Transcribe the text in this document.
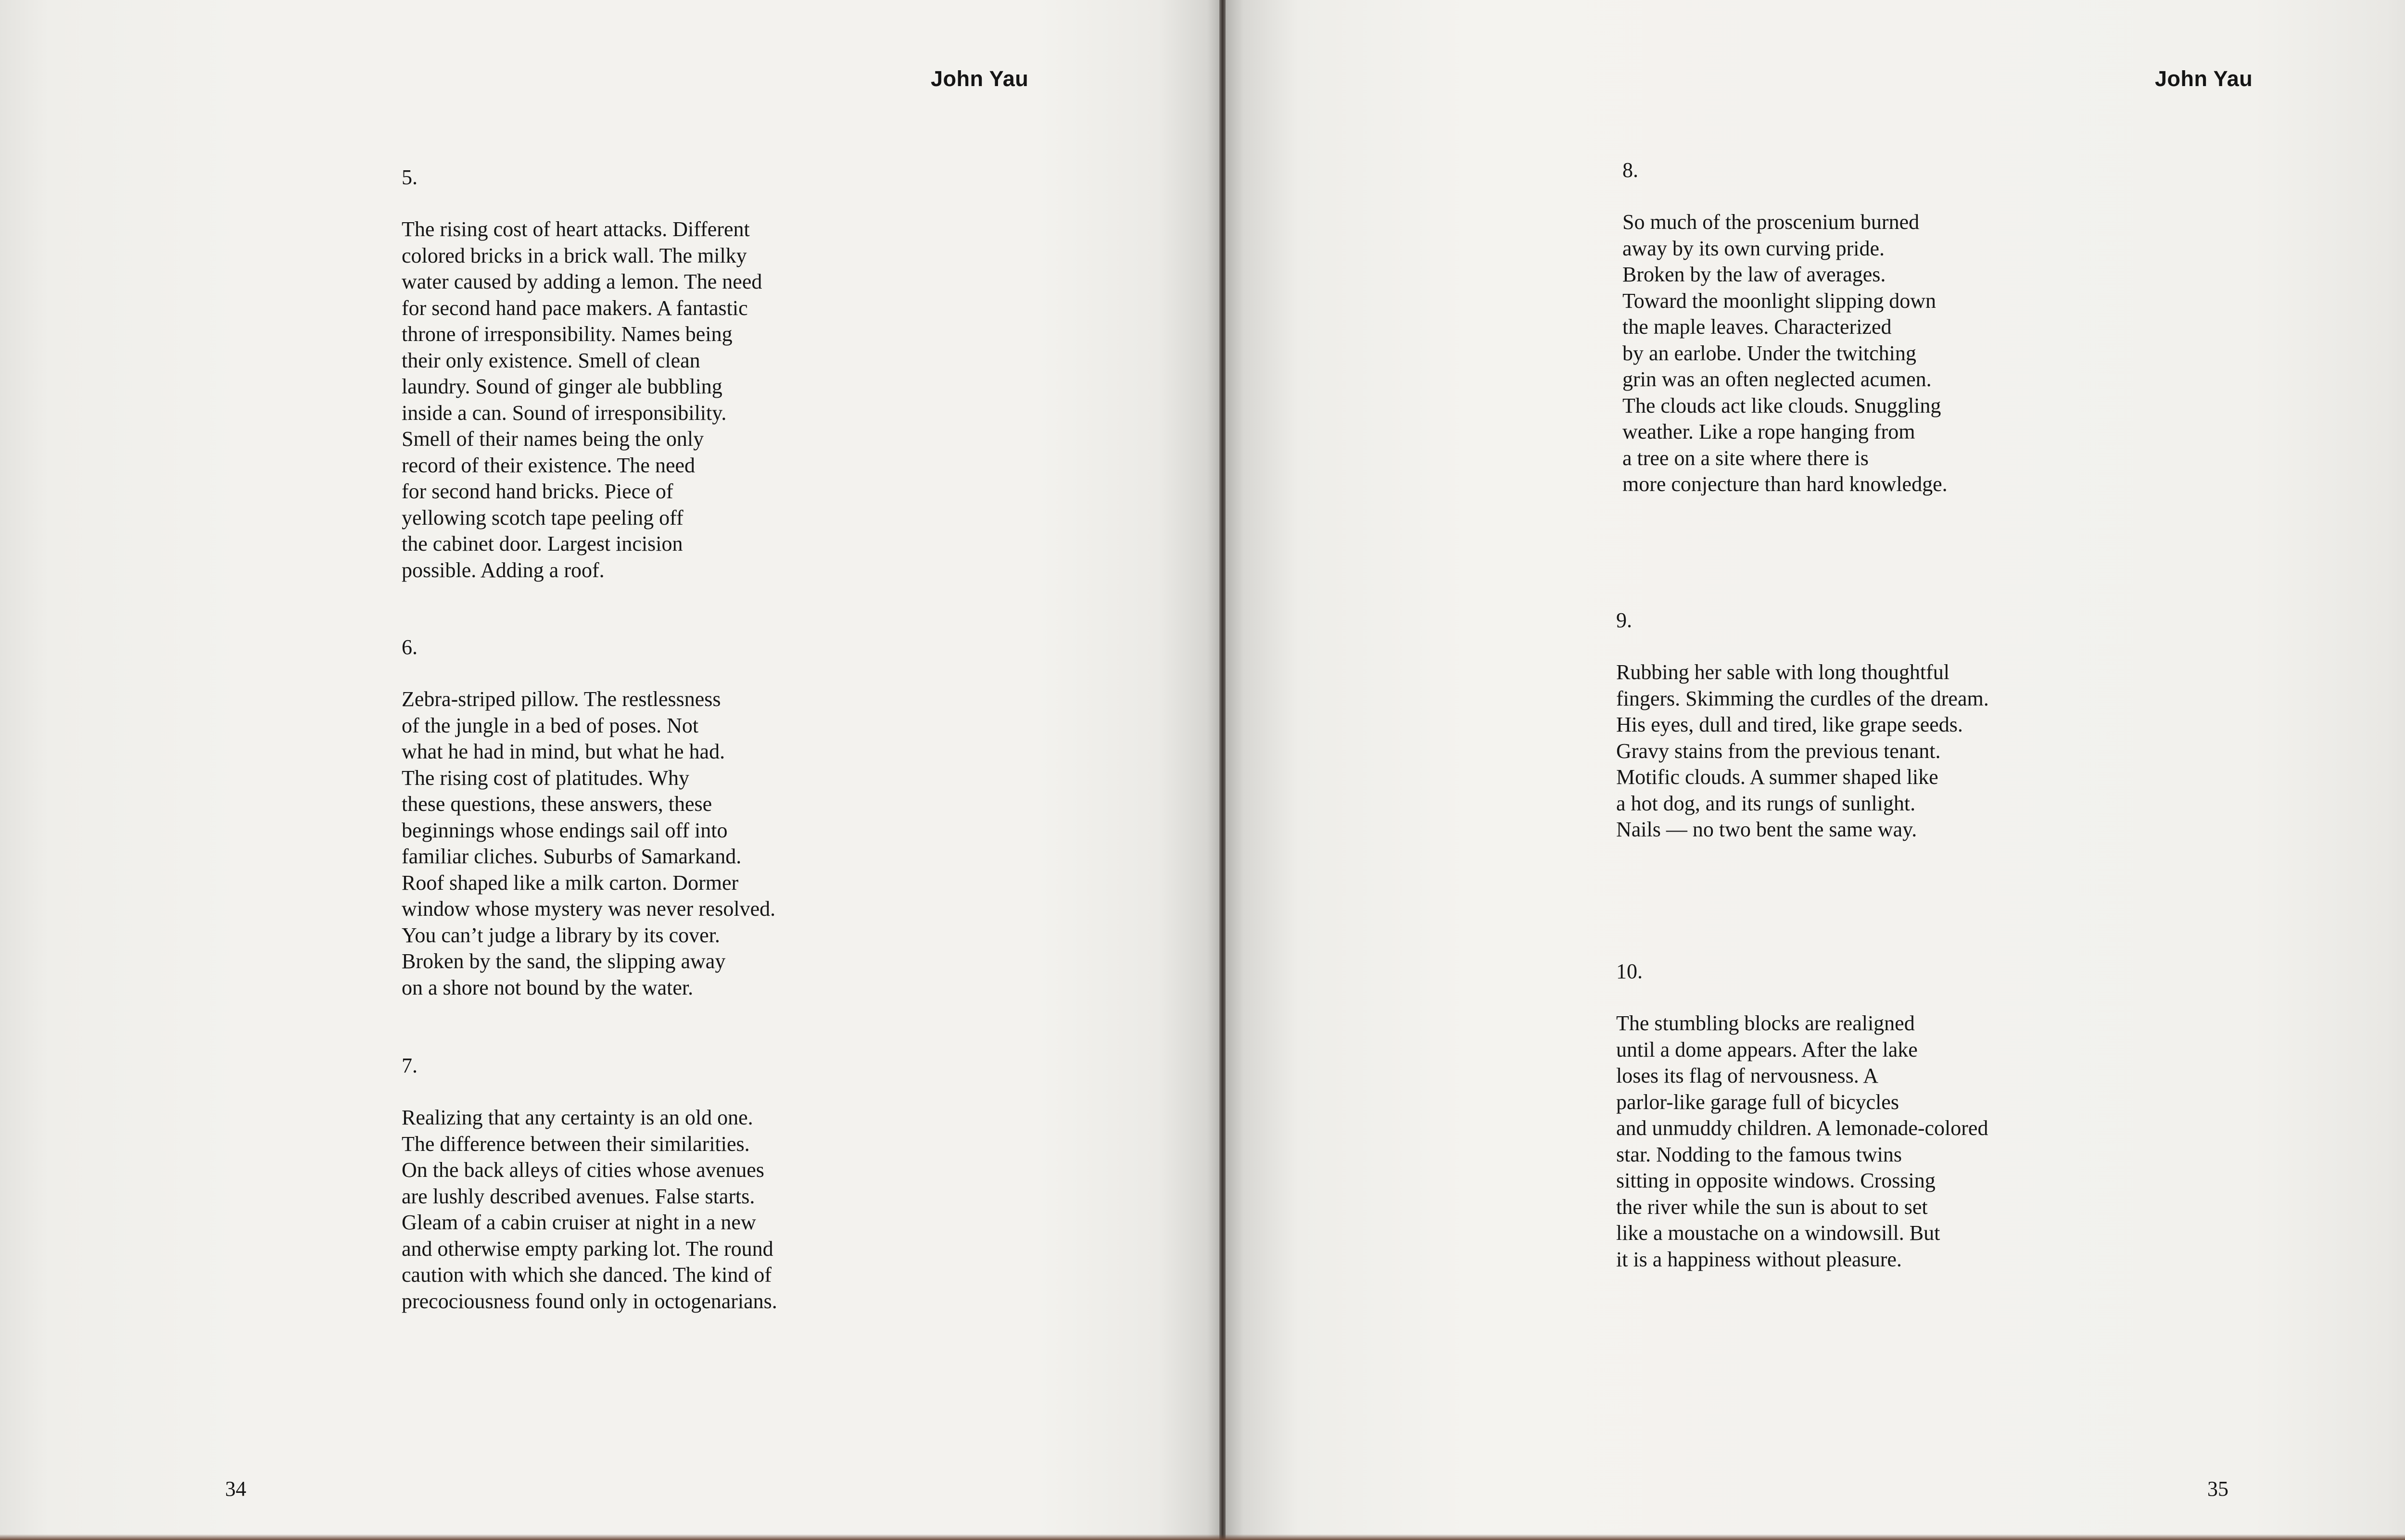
John Yau
5.
The rising cost of heart attacks. Different
colored bricks in a brick wall. The milky
water caused by adding a lemon. The need
for second hand pace makers. A fantastic
throne of irresponsibility. Names being
their only existence. Smell of clean
laundry. Sound of ginger ale bubbling
inside a can. Sound of irresponsibility.
Smell of their names being the only
record of their existence. The need
for second hand bricks. Piece of
yellowing scotch tape peeling off
the cabinet door. Largest incision
possible. Adding a roof.
6.
Zebra-striped pillow. The restlessness
of the jungle in a bed of poses. Not
what he had in mind, but what he had.
The rising cost of platitudes. Why
these questions, these answers, these
beginnings whose endings sail off into
familiar cliches. Suburbs of Samarkand.
Roof shaped like a milk carton. Dormer
window whose mystery was never resolved.
You can’t judge a library by its cover.
Broken by the sand, the slipping away
on a shore not bound by the water.
7.
Realizing that any certainty is an old one.
The difference between their similarities.
On the back alleys of cities whose avenues
are lushly described avenues. False starts.
Gleam of a cabin cruiser at night in a new
and otherwise empty parking lot. The round
caution with which she danced. The kind of
precociousness found only in octogenarians.
34
John Yau
8.
So much of the proscenium burned
away by its own curving pride.
Broken by the law of averages.
Toward the moonlight slipping down
the maple leaves. Characterized
by an earlobe. Under the twitching
grin was an often neglected acumen.
The clouds act like clouds. Snuggling
weather. Like a rope hanging from
a tree on a site where there is
more conjecture than hard knowledge.
9.
Rubbing her sable with long thoughtful
fingers. Skimming the curdles of the dream.
His eyes, dull and tired, like grape seeds.
Gravy stains from the previous tenant.
Motific clouds. A summer shaped like
a hot dog, and its rungs of sunlight.
Nails — no two bent the same way.
10.
The stumbling blocks are realigned
until a dome appears. After the lake
loses its flag of nervousness. A
parlor-like garage full of bicycles
and unmuddy children. A lemonade-colored
star. Nodding to the famous twins
sitting in opposite windows. Crossing
the river while the sun is about to set
like a moustache on a windowsill. But
it is a happiness without pleasure.
35
